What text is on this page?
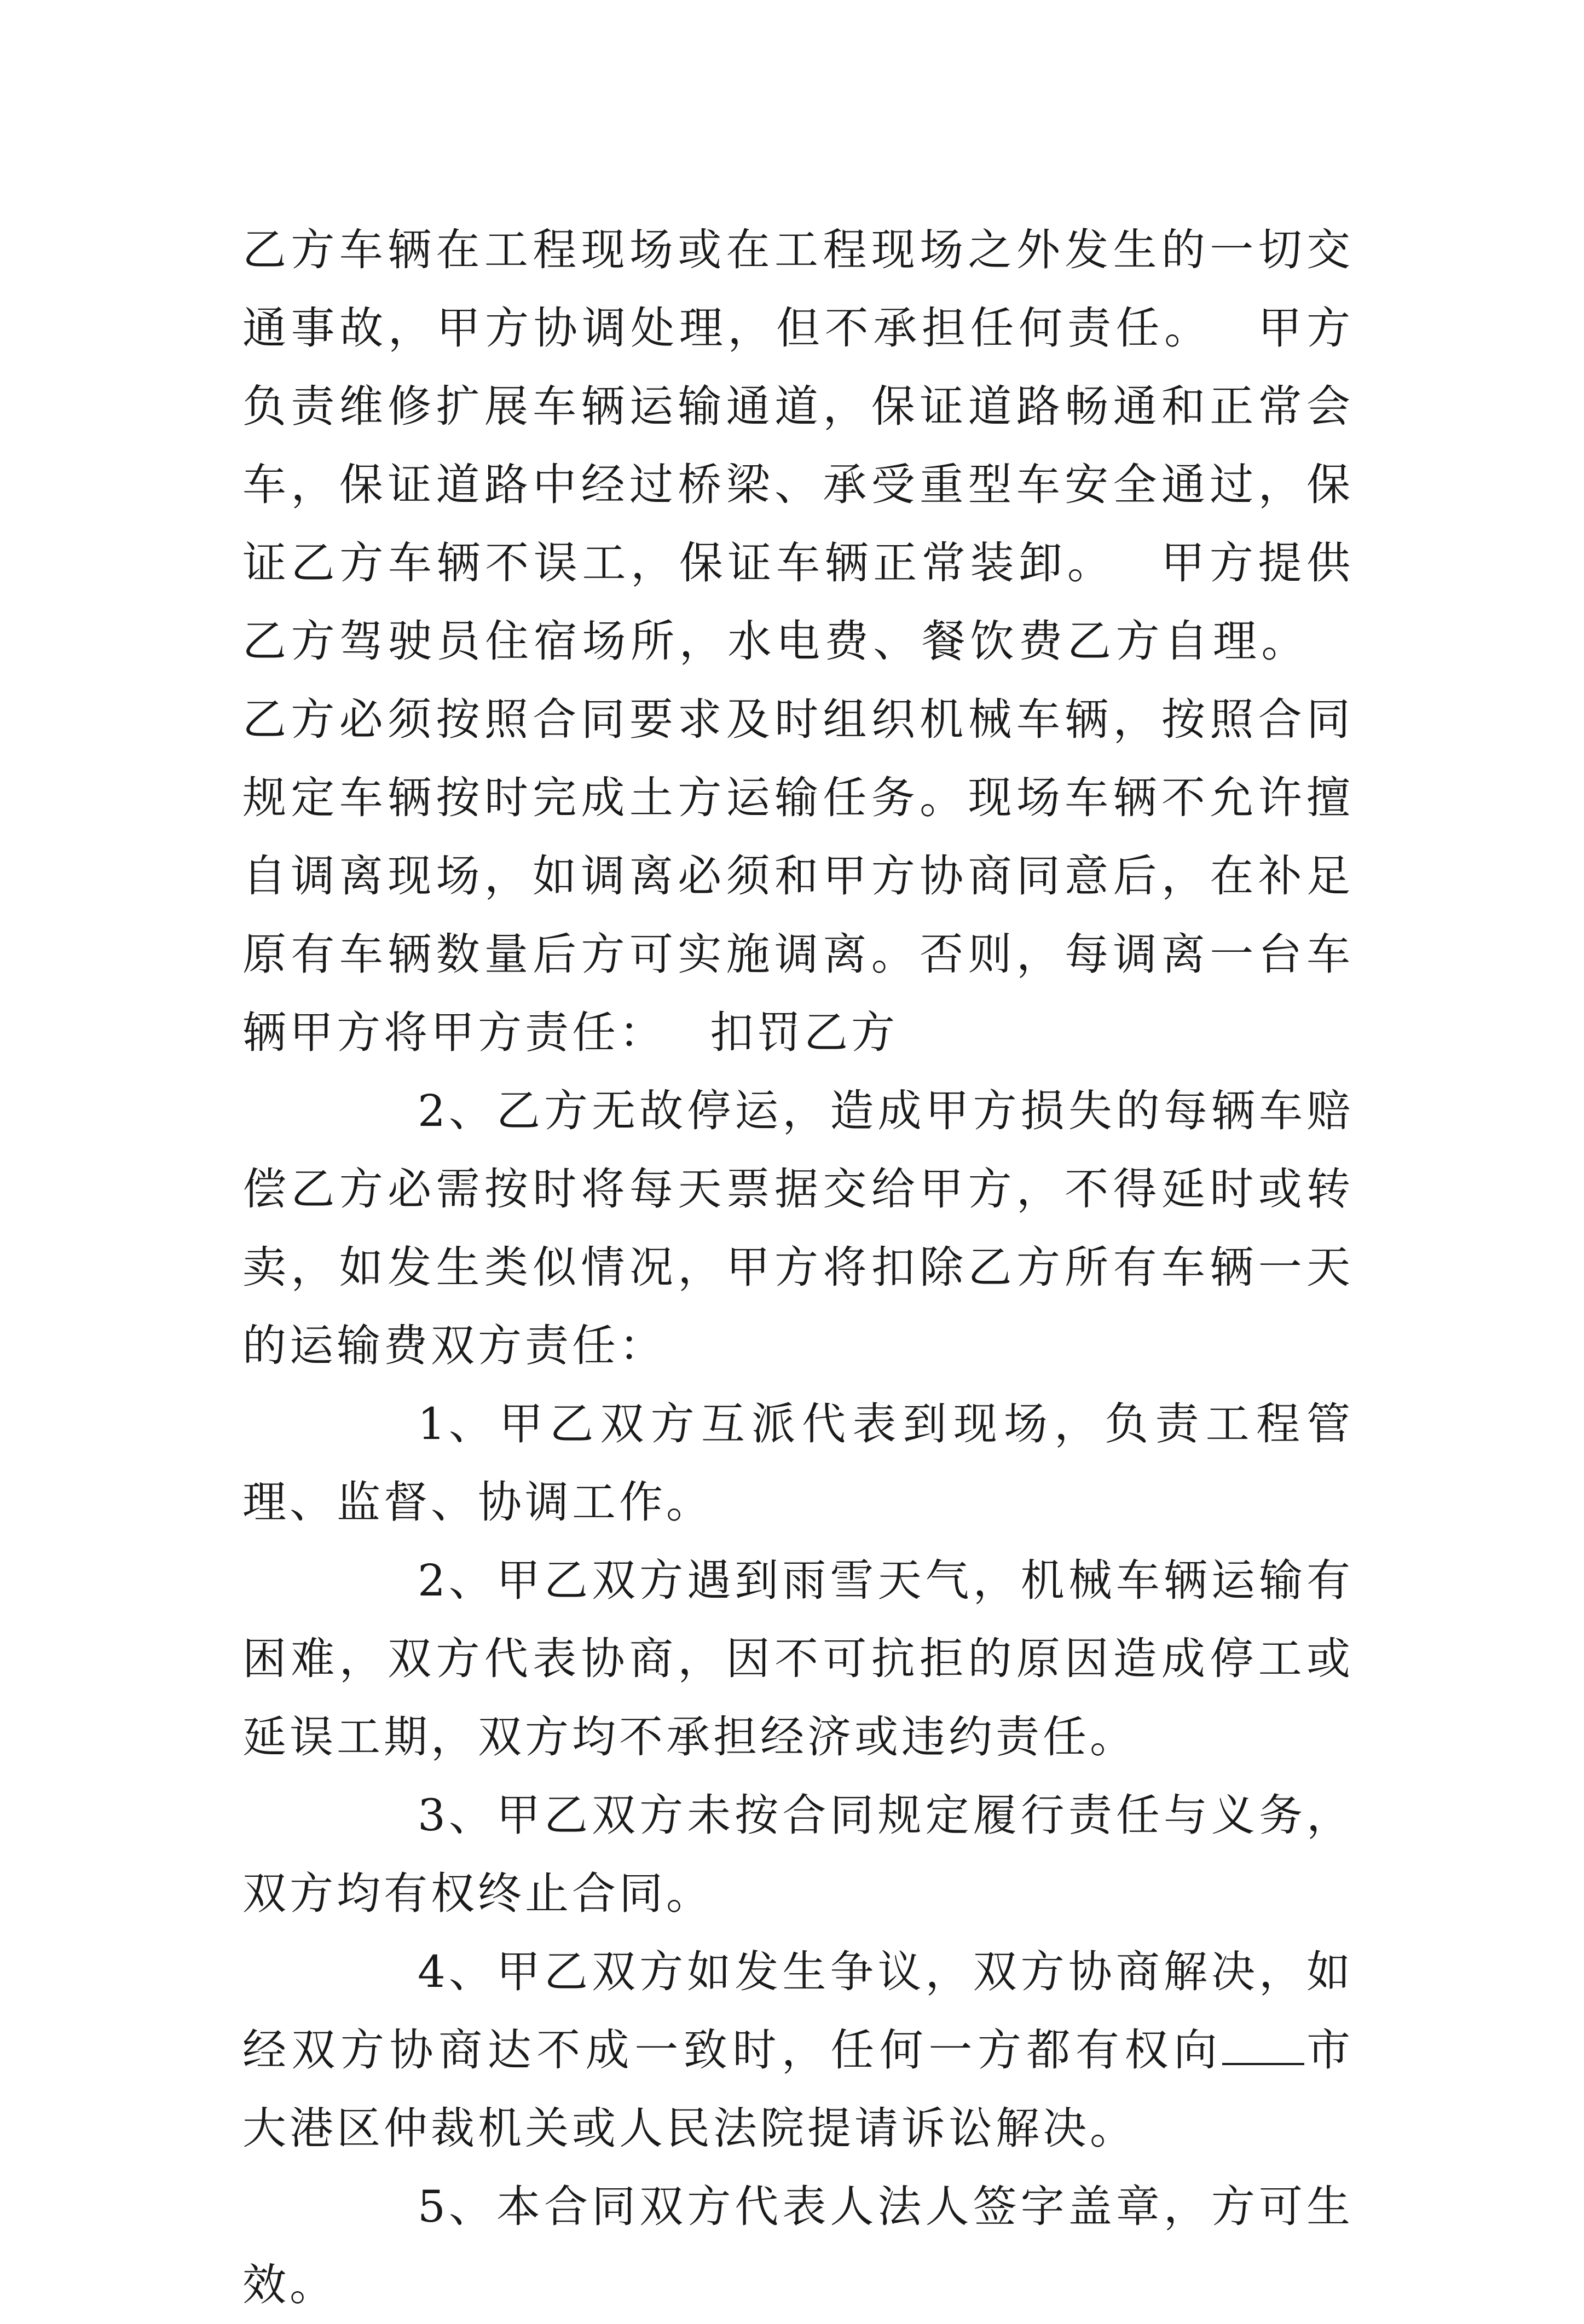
乙方车辆在工程现场或在工程现场之外发生的一切交通事故，甲方协调处理，但不承担任何责任。 甲方负责维修扩展车辆运输通道，保证道路畅通和正常会车，保证道路中经过桥梁、承受重型车安全通过，保证乙方车辆不误工，保证车辆正常装卸。 甲方提供乙方驾驶员住宿场所，水电费、餐饮费乙方自理。乙方必须按照合同要求及时组织机械车辆，按照合同规定车辆按时完成土方运输任务。现场车辆不允许擅自调离现场，如调离必须和甲方协商同意后，在补足原有车辆数量后方可实施调离。否则，每调离一台车辆甲方将甲方责任： 扣罚乙方

2、乙方无故停运，造成甲方损失的每辆车赔偿乙方必需按时将每天票据交给甲方，不得延时或转卖，如发生类似情况，甲方将扣除乙方所有车辆一天的运输费双方责任：

1、甲乙双方互派代表到现场，负责工程管理、监督、协调工作。

2、甲乙双方遇到雨雪天气，机械车辆运输有困难，双方代表协商，因不可抗拒的原因造成停工或延误工期，双方均不承担经济或违约责任。

3、甲乙双方未按合同规定履行责任与义务，双方均有权终止合同。

4、甲乙双方如发生争议，双方协商解决，如经双方协商达不成一致时，任何一方都有权向 市大港区仲裁机关或人民法院提请诉讼解决。

5、本合同双方代表人法人签字盖章，方可生效。
